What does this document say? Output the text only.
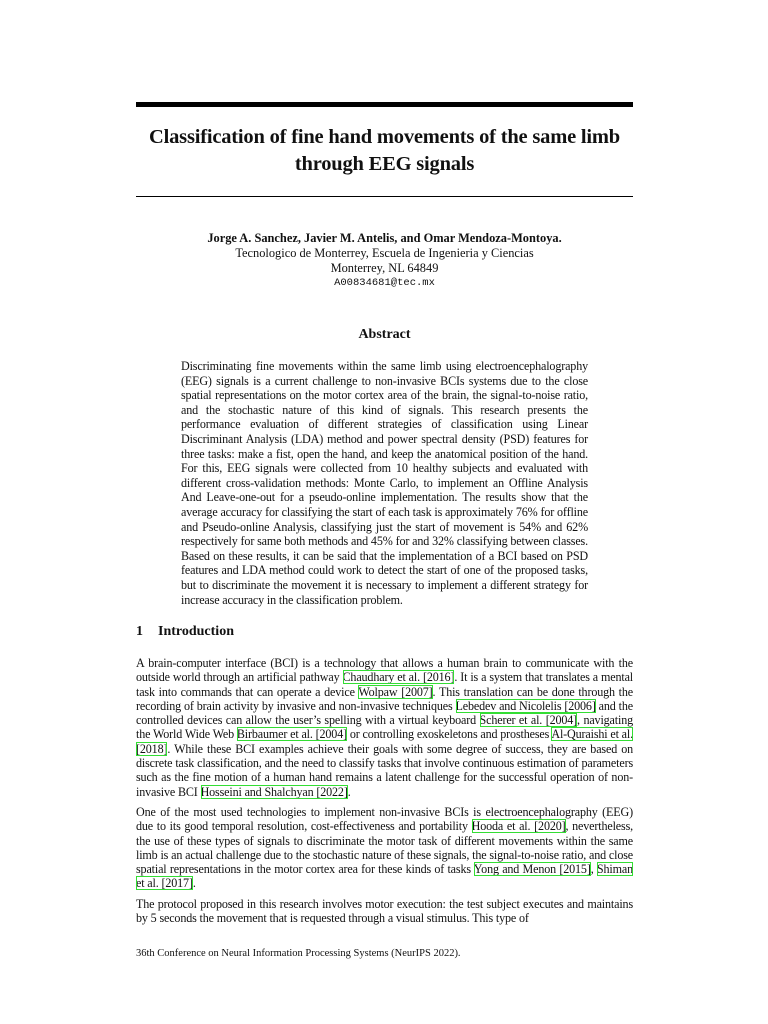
Classification of fine hand movements of the same limb through EEG signals
Jorge A. Sanchez, Javier M. Antelis, and Omar Mendoza-Montoya.
Tecnologico de Monterrey, Escuela de Ingenieria y Ciencias
Monterrey, NL 64849
A00834681@tec.mx
Abstract

Discriminating fine movements within the same limb using electroencephalography (EEG) signals is a current challenge to non-invasive BCIs systems due to the close spatial representations on the motor cortex area of the brain, the signal-to-noise ratio, and the stochastic nature of this kind of signals. This research presents the performance evaluation of different strategies of classification using Linear Discriminant Analysis (LDA) method and power spectral density (PSD) features for three tasks: make a fist, open the hand, and keep the anatomical position of the hand. For this, EEG signals were collected from 10 healthy subjects and evaluated with different cross-validation methods: Monte Carlo, to implement an Offline Analysis And Leave-one-out for a pseudo-online implementation. The results show that the average accuracy for classifying the start of each task is approximately 76% for offline and Pseudo-online Analysis, classifying just the start of movement is 54% and 62% respectively for same both methods and 45% for and 32% classifying between classes. Based on these results, it can be said that the implementation of a BCI based on PSD features and LDA method could work to detect the start of one of the proposed tasks, but to discriminate the movement it is necessary to implement a different strategy for increase accuracy in the classification problem.

1 Introduction

A brain-computer interface (BCI) is a technology that allows a human brain to communicate with the outside world through an artificial pathway Chaudhary et al. [2016]. It is a system that translates a mental task into commands that can operate a device Wolpaw [2007]. This translation can be done through the recording of brain activity by invasive and non-invasive techniques Lebedev and Nicolelis [2006] and the controlled devices can allow the user’s spelling with a virtual keyboard Scherer et al. [2004], navigating the World Wide Web Birbaumer et al. [2004] or controlling exoskeletons and prostheses Al-Quraishi et al. [2018]. While these BCI examples achieve their goals with some degree of success, they are based on discrete task classification, and the need to classify tasks that involve continuous estimation of parameters such as the fine motion of a human hand remains a latent challenge for the successful operation of non-invasive BCI Hosseini and Shalchyan [2022].

One of the most used technologies to implement non-invasive BCIs is electroencephalography (EEG) due to its good temporal resolution, cost-effectiveness and portability Hooda et al. [2020], nevertheless, the use of these types of signals to discriminate the motor task of different movements within the same limb is an actual challenge due to the stochastic nature of these signals, the signal-to-noise ratio, and close spatial representations in the motor cortex area for these kinds of tasks Yong and Menon [2015], Shiman et al. [2017].

The protocol proposed in this research involves motor execution: the test subject executes and maintains by 5 seconds the movement that is requested through a visual stimulus. This type of

36th Conference on Neural Information Processing Systems (NeurIPS 2022).
